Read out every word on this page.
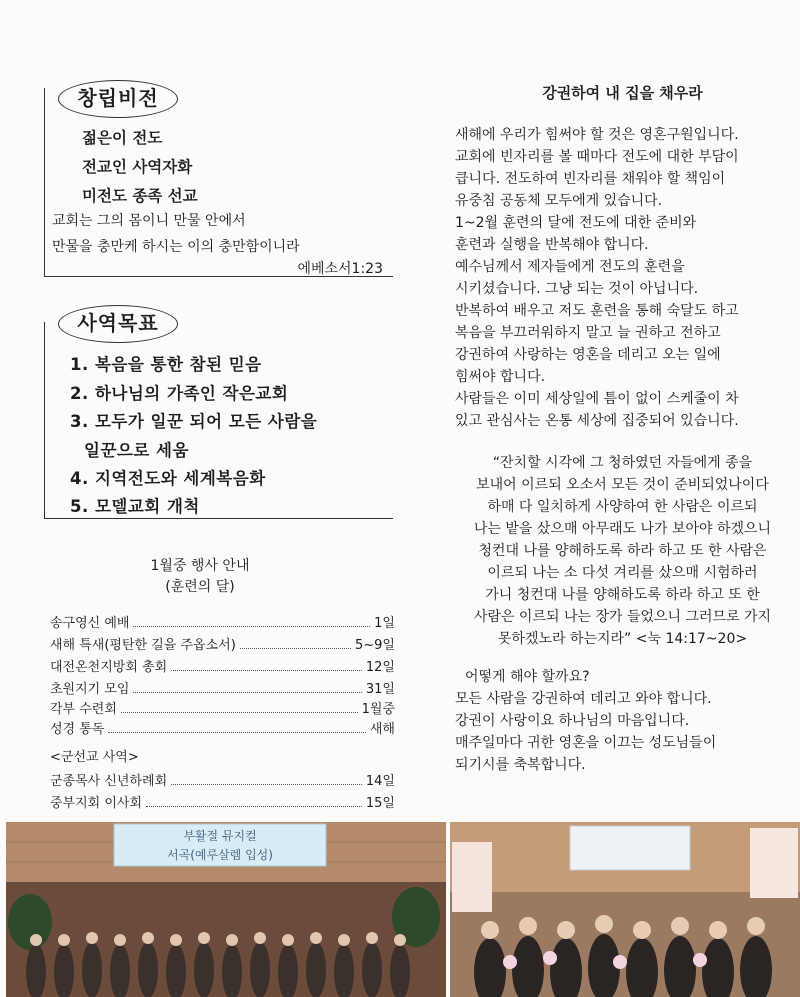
창립비전
젊은이 전도
전교인 사역자화
미전도 종족 선교
교회는 그의 몸이니 만물 안에서
만물을 충만케 하시는 이의 충만함이니라
에베소서1:23
사역목표
1. 복음을 통한 참된 믿음
2. 하나님의 가족인 작은교회
3. 모두가 일꾼 되어 모든 사람을
일꾼으로 세움
4. 지역전도와 세계복음화
5. 모델교회 개척
1월중 행사 안내
(훈련의 달)
송구영신 예배	1일
새해 특새(평탄한 길을 주옵소서)	5~9일
대전온천지방회 총회	12일
초원지기 모임	31일
각부 수련회	1월중
성경 통독	새해
<군선교 사역>
군종목사 신년하례회	14일
중부지회 이사회	15일
강권하여 내 집을 채우라
새해에 우리가 힘써야 할 것은 영혼구원입니다.
교회에 빈자리를 볼 때마다 전도에 대한 부담이
큽니다. 전도하여 빈자리를 채워야 할 책임이
유중침 공동체 모두에게 있습니다.
1~2월 훈련의 달에 전도에 대한 준비와
훈련과 실행을 반복해야 합니다.
예수님께서 제자들에게 전도의 훈련을
시키셨습니다. 그냥 되는 것이 아닙니다.
반복하여 배우고 저도 훈련을 통해 숙달도 하고
복음을 부끄러워하지 말고 늘 권하고 전하고
강권하여 사랑하는 영혼을 데리고 오는 일에
힘써야 합니다.
사람들은 이미 세상일에 틈이 없이 스케줄이 차
있고 관심사는 온통 세상에 집중되어 있습니다.
“잔치할 시각에 그 청하였던 자들에게 종을
보내어 이르되 오소서 모든 것이 준비되었나이다
하매 다 일치하게 사양하여 한 사람은 이르되
나는 밭을 샀으매 아무래도 나가 보아야 하겠으니
청컨대 나를 양해하도록 하라 하고 또 한 사람은
이르되 나는 소 다섯 겨리를 샀으매 시험하러
가니 청컨대 나를 양해하도록 하라 하고 또 한
사람은 이르되 나는 장가 들었으니 그러므로 가지
못하겠노라 하는지라” <눅 14:17~20>
어떻게 해야 할까요?
모든 사람을 강권하여 데리고 와야 합니다.
강권이 사랑이요 하나님의 마음입니다.
매주일마다 귀한 영혼을 이끄는 성도님들이
되기시를 축복합니다.
부활절 뮤지컬
서곡(예루살렘 입성)
